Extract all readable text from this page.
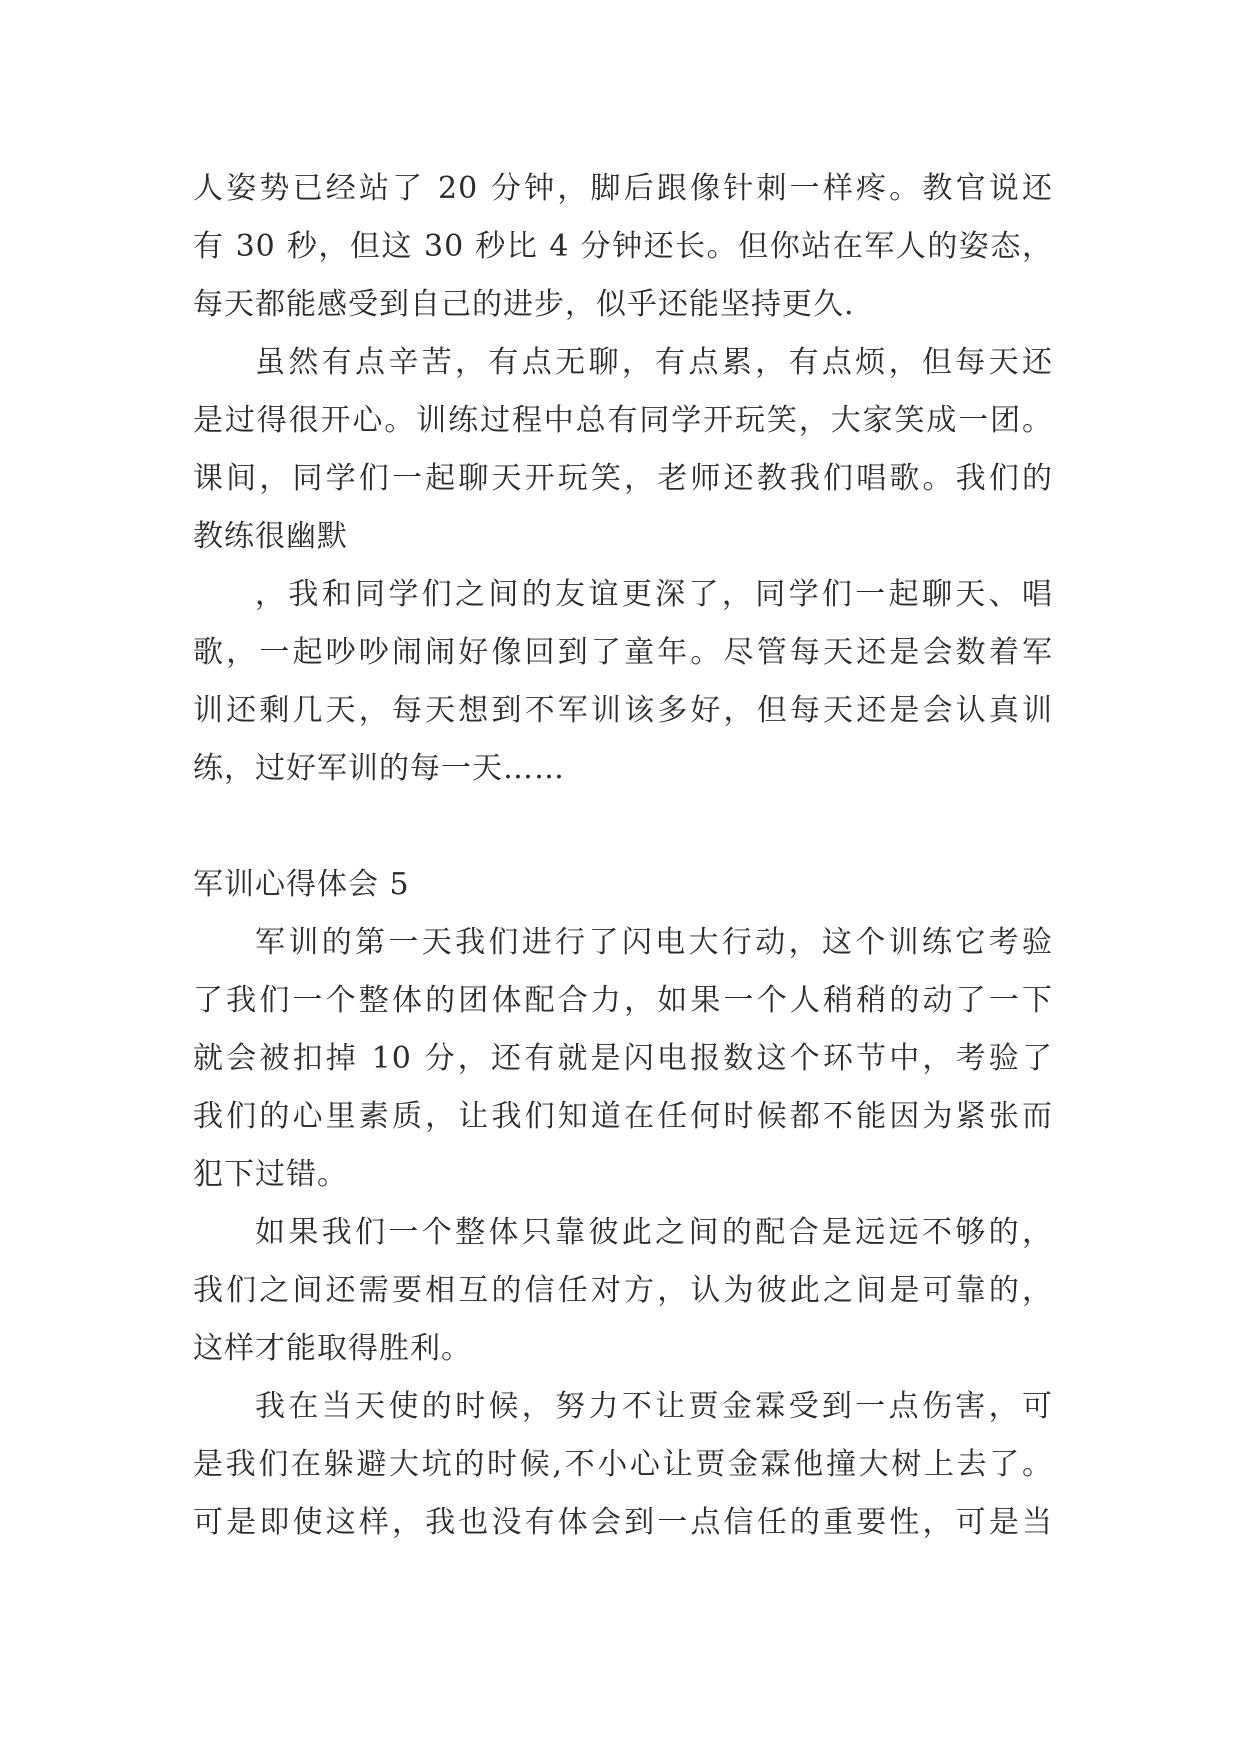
人姿势已经站了 20 分钟，脚后跟像针刺一样疼。教官说还
有 30 秒，但这 30 秒比 4 分钟还长。但你站在军人的姿态，
每天都能感受到自己的进步，似乎还能坚持更久.
虽然有点辛苦，有点无聊，有点累，有点烦，但每天还
是过得很开心。训练过程中总有同学开玩笑，大家笑成一团。
课间，同学们一起聊天开玩笑，老师还教我们唱歌。我们的
教练很幽默
，我和同学们之间的友谊更深了，同学们一起聊天、唱
歌，一起吵吵闹闹好像回到了童年。尽管每天还是会数着军
训还剩几天，每天想到不军训该多好，但每天还是会认真训
练，过好军训的每一天……
军训心得体会 5
军训的第一天我们进行了闪电大行动，这个训练它考验
了我们一个整体的团体配合力，如果一个人稍稍的动了一下
就会被扣掉 10 分，还有就是闪电报数这个环节中，考验了
我们的心里素质，让我们知道在任何时候都不能因为紧张而
犯下过错。
如果我们一个整体只靠彼此之间的配合是远远不够的，
我们之间还需要相互的信任对方，认为彼此之间是可靠的，
这样才能取得胜利。
我在当天使的时候，努力不让贾金霖受到一点伤害，可
是我们在躲避大坑的时候,不小心让贾金霖他撞大树上去了。
可是即使这样，我也没有体会到一点信任的重要性，可是当
